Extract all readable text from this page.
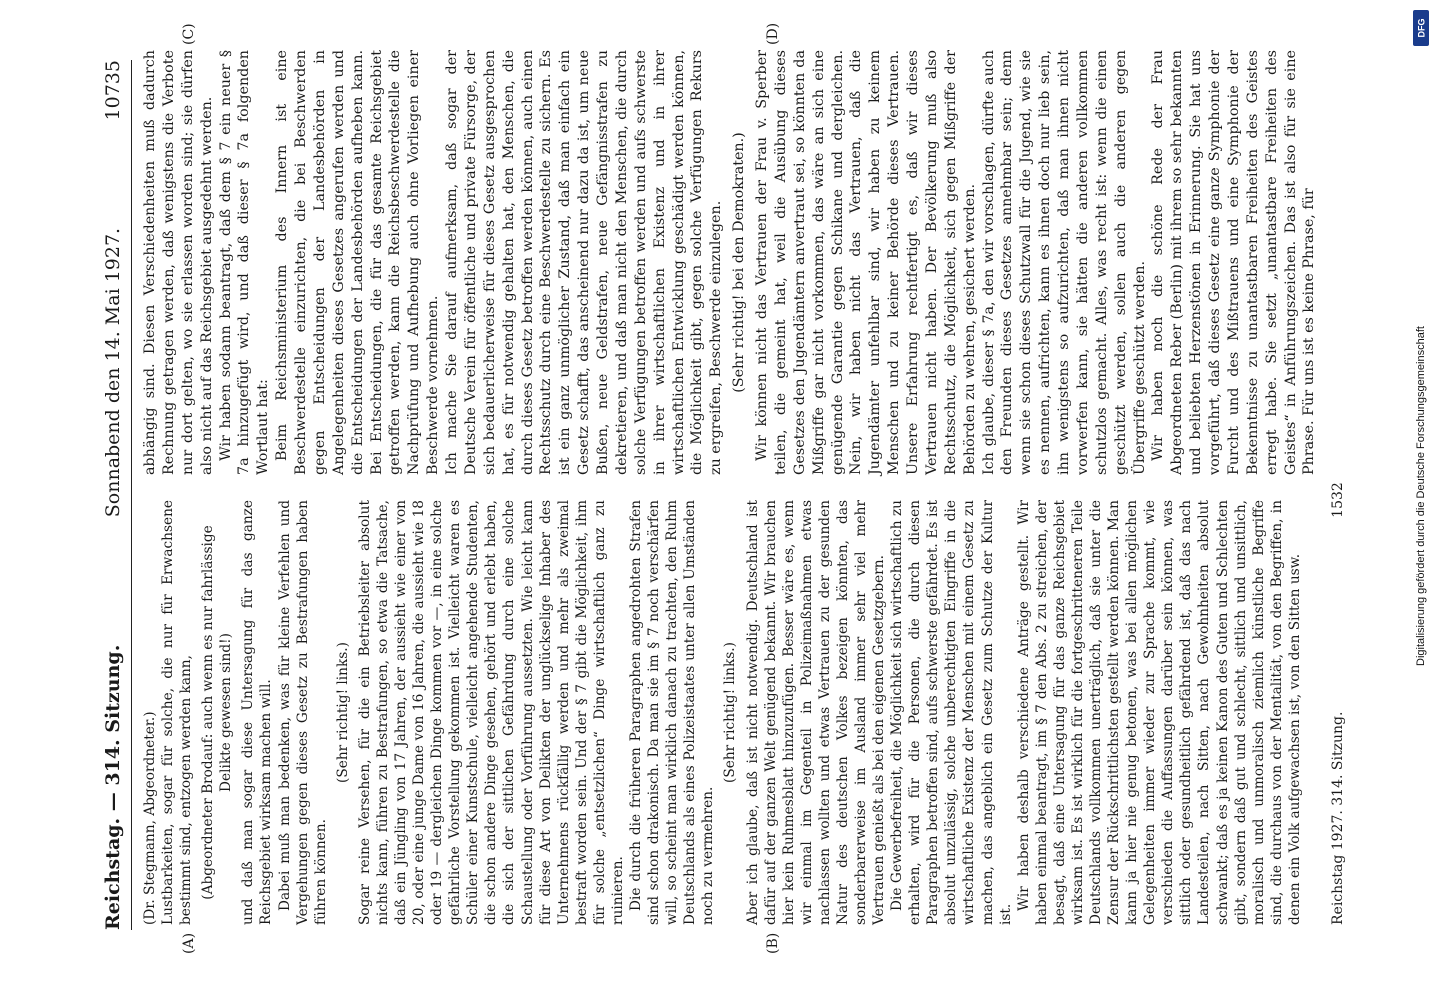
Reichstag. — 314. Sitzung.
Sonnabend den 14. Mai 1927.
10735
(A)	(B)
(C)	(D)

(Dr. Stegmann, Abgeordneter.) Lustbarkeiten, sogar für solche, die nur für Erwachsene bestimmt sind, entzogen werden kann, (Abgeordneter Brodauf: auch wenn es nur fahrlässige Delikte gewesen sind!) und daß man sogar diese Untersagung für das ganze Reichsgebiet wirksam machen will. Dabei muß man bedenken, was für kleine Verfehlen und Vergehungen gegen dieses Gesetz zu Bestrafungen haben führen können.

(Sehr richtig! links.) Sogar reine Versehen, für die ein Betriebsleiter absolut nichts kann, führen zu Bestrafungen, so etwa die Tatsache, daß ein Jüngling von 17 Jahren, der aussieht wie einer von 20, oder eine junge Dame von 16 Jahren, die aussieht wie 18 oder 19 — dergleichen Dinge kommen vor —, in eine solche gefährliche Vorstellung gekommen ist. Vielleicht waren es Schüler einer Kunstschule, vielleicht angehende Studenten, die schon andere Dinge gesehen, gehört und erlebt haben, die sich der sittlichen Gefährdung durch eine solche Schaustellung oder Vorführung aussetzten. Wie leicht kann für diese Art von Delikten der unglückselige Inhaber des Unternehmens rückfällig werden und mehr als zweimal bestraft worden sein. Und der § 7 gibt die Möglichkeit, ihm für solche „entsetzlichen“ Dinge wirtschaftlich ganz zu ruinieren. Die durch die früheren Paragraphen angedrohten Strafen sind schon drakonisch. Da man sie im § 7 noch verschärfen will, so scheint man wirklich danach zu trachten, den Ruhm Deutschlands als eines Polizeistaates unter allen Umständen noch zu vermehren.

(Sehr richtig! links.) Aber ich glaube, daß ist nicht notwendig. Deutschland ist dafür auf der ganzen Welt genügend bekannt. Wir brauchen hier kein Ruhmesblatt hinzuzufügen. Besser wäre es, wenn wir einmal im Gegenteil in Polizeimaßnahmen etwas nachlassen wollten und etwas Vertrauen zu der gesunden Natur des deutschen Volkes bezeigen könnten, das sonderbarerweise im Ausland immer sehr viel mehr Vertrauen genießt als bei den eigenen Gesetzgebern. Die Gewerbefreiheit, die Möglichkeit sich wirtschaftlich zu erhalten, wird für die Personen, die durch diesen Paragraphen betroffen sind, aufs schwerste gefährdet. Es ist absolut unzulässig, solche unberechtigten Eingriffe in die wirtschaftliche Existenz der Menschen mit einem Gesetz zu machen, das angeblich ein Gesetz zum Schutze der Kultur ist.

Wir haben deshalb verschiedene Anträge gestellt. Wir haben einmal beantragt, im § 7 den Abs. 2 zu streichen, der besagt, daß eine Untersagung für das ganze Reichsgebiet wirksam ist. Es ist wirklich für die fortgeschritteneren Teile Deutschlands vollkommen unerträglich, daß sie unter die Zensur der Rückschrittlichsten gestellt werden können. Man kann ja hier nie genug betonen, was bei allen möglichen Gelegenheiten immer wieder zur Sprache kommt, wie verschieden die Auffassungen darüber sein können, was sittlich oder gesundheitlich gefährdend ist, daß das nach Landesteilen, nach Sitten, nach Gewohnheiten absolut schwankt; daß es ja keinen Kanon des Guten und Schlechten gibt, sondern daß gut und schlecht, sittlich und unsittlich, moralisch und unmoralisch ziemlich künstliche Begriffe sind, die durchaus von der Mentalität, von den Begriffen, in denen ein Volk aufgewachsen ist, von den Sitten usw.

abhängig sind. Diesen Verschiedenheiten muß dadurch Rechnung getragen werden, daß wenigstens die Verbote nur dort gelten, wo sie erlassen worden sind; sie dürfen also nicht auf das Reichsgebiet ausgedehnt werden. Wir haben sodann beantragt, daß dem § 7 ein neuer § 7a hinzugefügt wird, und daß dieser § 7a folgenden Wortlaut hat: Beim Reichsministerium des Innern ist eine Beschwerdestelle einzurichten, die bei Beschwerden gegen Entscheidungen der Landesbehörden in Angelegenheiten dieses Gesetzes angerufen werden und die Entscheidungen der Landesbehörden aufheben kann. Bei Entscheidungen, die für das gesamte Reichsgebiet getroffen werden, kann die Reichsbeschwerdestelle die Nachprüfung und Aufhebung auch ohne Vorliegen einer Beschwerde vornehmen. Ich mache Sie darauf aufmerksam, daß sogar der Deutsche Verein für öffentliche und private Fürsorge, der sich bedauerlicherweise für dieses Gesetz ausgesprochen hat, es für notwendig gehalten hat, den Menschen, die durch dieses Gesetz betroffen werden können, auch einen Rechtsschutz durch eine Beschwerdestelle zu sichern. Es ist ein ganz unmöglicher Zustand, daß man einfach ein Gesetz schafft, das anscheinend nur dazu da ist, um neue Bußen, neue Geldstrafen, neue Gefängnisstrafen zu dekretieren, und daß man nicht den Menschen, die durch solche Verfügungen betroffen werden und aufs schwerste in ihrer wirtschaftlichen Existenz und in ihrer wirtschaftlichen Entwicklung geschädigt werden können, die Möglichkeit gibt, gegen solche Verfügungen Rekurs zu ergreifen, Beschwerde einzulegen. (Sehr richtig! bei den Demokraten.) Wir können nicht das Vertrauen der Frau v. Sperber teilen, die gemeint hat, weil die Ausübung dieses Gesetzes den Jugendämtern anvertraut sei, so könnten da Mißgriffe gar nicht vorkommen, das wäre an sich eine genügende Garantie gegen Schikane und dergleichen. Nein, wir haben nicht das Vertrauen, daß die Jugendämter unfehlbar sind, wir haben zu keinem Menschen und zu keiner Behörde dieses Vertrauen. Unsere Erfahrung rechtfertigt es, daß wir dieses Vertrauen nicht haben. Der Bevölkerung muß also Rechtsschutz, die Möglichkeit, sich gegen Mißgriffe der Behörden zu wehren, gesichert werden. Ich glaube, dieser § 7a, den wir vorschlagen, dürfte auch den Freunden dieses Gesetzes annehmbar sein; denn wenn sie schon dieses Schutzwall für die Jugend, wie sie es nennen, aufrichten, kann es ihnen doch nur lieb sein, ihn wenigstens so aufzurichten, daß man ihnen nicht vorwerfen kann, sie hätten die anderen vollkommen schutzlos gemacht. Alles, was recht ist: wenn die einen geschützt werden, sollen auch die anderen gegen Übergriffe geschützt werden. Wir haben noch die schöne Rede der Frau Abgeordneten Reber (Berlin) mit ihrem so sehr bekannten und beliebten Herzenstönen in Erinnerung. Sie hat uns vorgeführt, daß dieses Gesetz eine ganze Symphonie der Furcht und des Mißtrauens und eine Symphonie der Bekenntnisse zu unantastbaren Freiheiten des Geistes erregt habe. Sie setzt „unantastbare Freiheiten des Geistes“ in Anführungszeichen. Das ist also für sie eine Phrase. Für uns ist es keine Phrase, für

Reichstag 1927. 314. Sitzung.
1532
DFG
Digitalisierung gefördert durch die Deutsche Forschungsgemeinschaft
